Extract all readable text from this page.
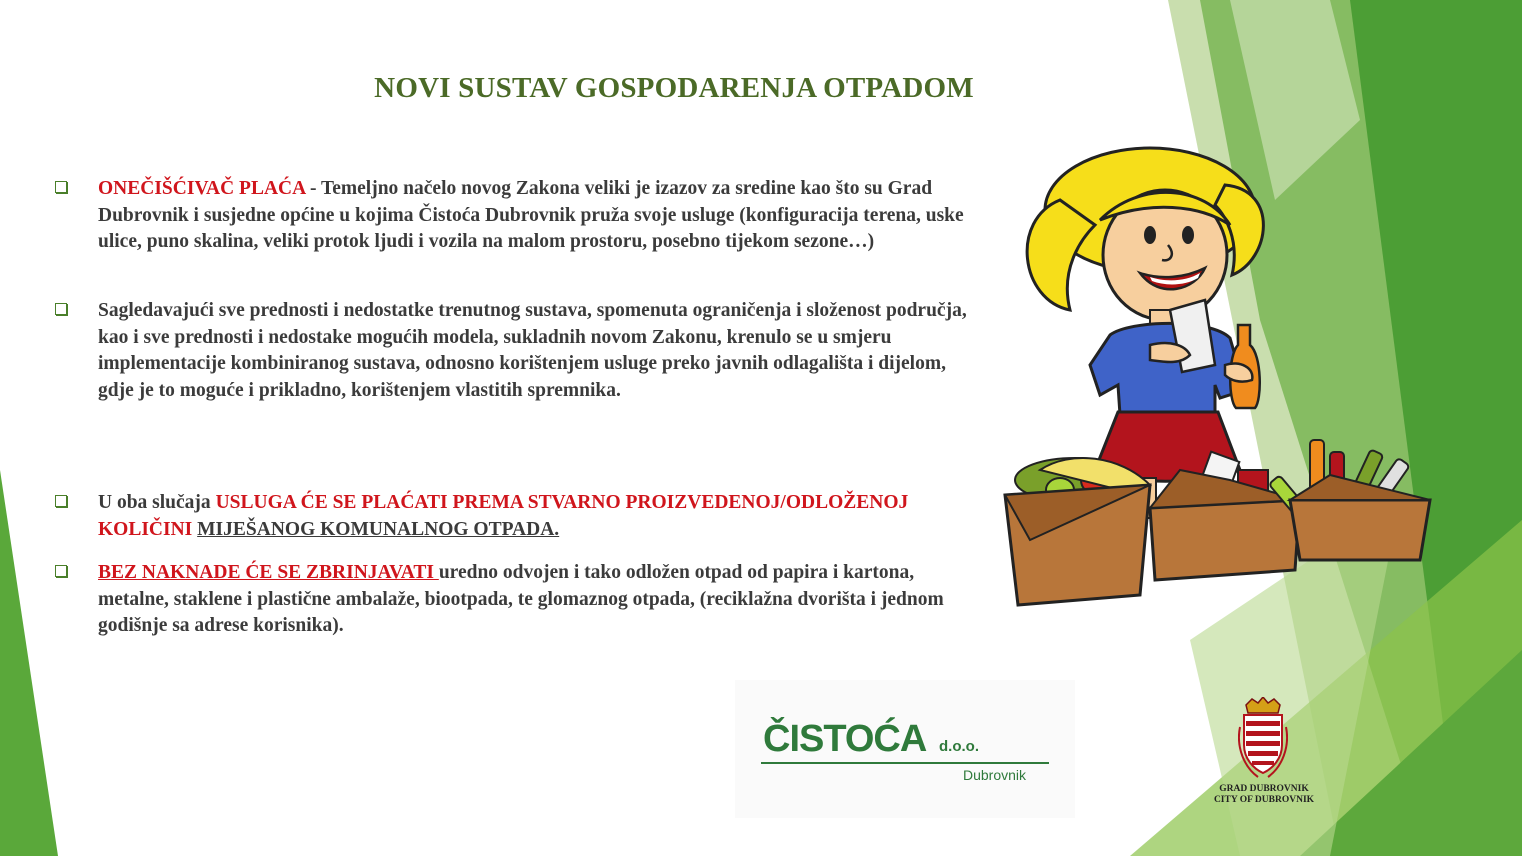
NOVI SUSTAV GOSPODARENJA OTPADOM
ONEČIŠĆIVAČ PLAĆA - Temeljno načelo novog Zakona veliki je izazov za sredine kao što su Grad Dubrovnik i susjedne općine u kojima Čistoća Dubrovnik pruža svoje usluge (konfiguracija terena, uske ulice, puno skalina, veliki protok ljudi i vozila na malom prostoru, posebno tijekom sezone…)
Sagledavajući sve prednosti i nedostatke trenutnog sustava, spomenuta ograničenja i složenost područja, kao i sve prednosti i nedostake mogućih modela, sukladnih novom Zakonu, krenulo se u smjeru implementacije kombiniranog sustava, odnosno korištenjem usluge preko javnih odlagališta i dijelom, gdje je to moguće i prikladno, korištenjem vlastitih spremnika.
U oba slučaja USLUGA ĆE SE PLAĆATI PREMA STVARNO PROIZVEDENOJ/ODLOŽENOJ KOLIČINI MIJEŠANOG KOMUNALNOG OTPADA.
BEZ NAKNADE ĆE SE ZBRINJAVATI uredno odvojen i tako odložen otpad od papira i kartona, metalne, staklene i plastične ambalaže, biootpada, te glomaznog otpada, (reciklažna dvorišta i jednom godišnje sa adrese korisnika).
ČISTOĆA d.o.o.
Dubrovnik
GRAD DUBROVNIK
CITY OF DUBROVNIK
